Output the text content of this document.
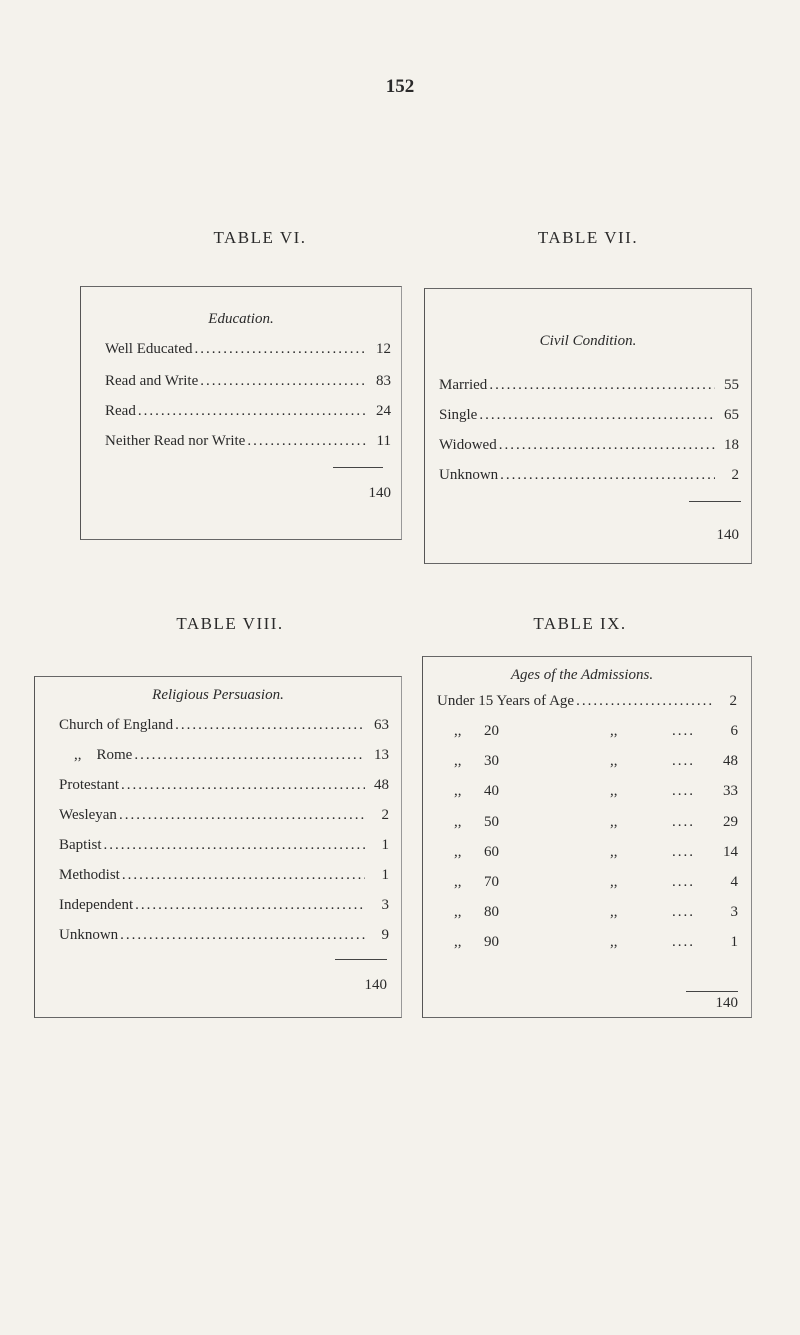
152
TABLE VI.
Education.
Well Educated .....	12
Read and Write .....	83
Read .....	24
Neither Read nor Write .....	11
140
TABLE VII.
Civil Condition.
Married .....	55
Single .....	65
Widowed .....	18
Unknown .....	2
140
TABLE VIII.
Religious Persuasion.
Church of England .....	63
,,    Rome .....	13
Protestant .....	48
Wesleyan .....	2
Baptist .....	1
Methodist .....	1
Independent .....	3
Unknown .....	9
140
TABLE IX.
Ages of the Admissions.
Under 15 Years of Age .....	2
,, 20	,,	....	6
,, 30	,,	....	48
,, 40	,,	....	33
,, 50	,,	....	29
,, 60	,,	....	14
,, 70	,,	....	4
,, 80	,,	....	3
,, 90	,,	....	1
140
